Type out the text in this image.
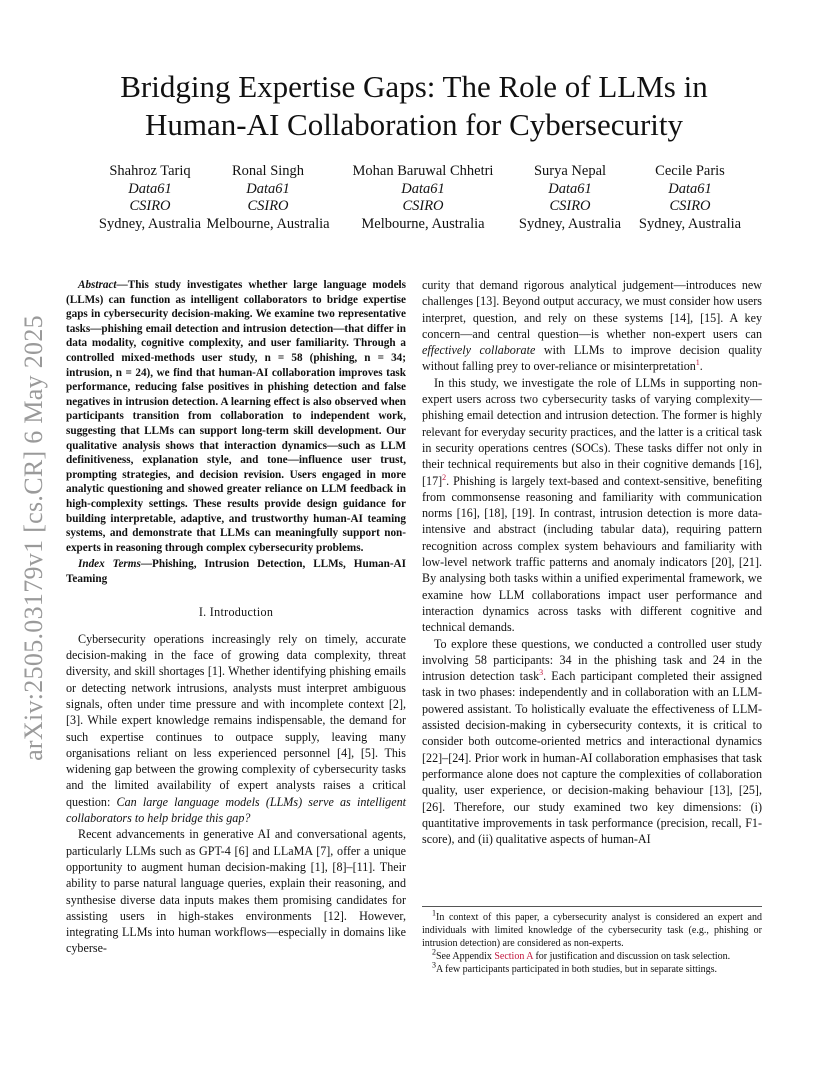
arXiv:2505.03179v1 [cs.CR] 6 May 2025
Bridging Expertise Gaps: The Role of LLMs in
Human-AI Collaboration for Cybersecurity
Shahroz Tariq
Data61
CSIRO
Sydney, Australia
Ronal Singh
Data61
CSIRO
Melbourne, Australia
Mohan Baruwal Chhetri
Data61
CSIRO
Melbourne, Australia
Surya Nepal
Data61
CSIRO
Sydney, Australia
Cecile Paris
Data61
CSIRO
Sydney, Australia

Abstract—This study investigates whether large language models (LLMs) can function as intelligent collaborators to bridge expertise gaps in cybersecurity decision-making. We examine two representative tasks—phishing email detection and intrusion detection—that differ in data modality, cognitive complexity, and user familiarity. Through a controlled mixed-methods user study, n = 58 (phishing, n = 34; intrusion, n = 24), we find that human-AI collaboration improves task performance, reducing false positives in phishing detection and false negatives in intrusion detection. A learning effect is also observed when participants transition from collaboration to independent work, suggesting that LLMs can support long-term skill development. Our qualitative analysis shows that interaction dynamics—such as LLM definitiveness, explanation style, and tone—influence user trust, prompting strategies, and decision revision. Users engaged in more analytic questioning and showed greater reliance on LLM feedback in high-complexity settings. These results provide design guidance for building interpretable, adaptive, and trustworthy human-AI teaming systems, and demonstrate that LLMs can meaningfully support non-experts in reasoning through complex cybersecurity problems.

Index Terms—Phishing, Intrusion Detection, LLMs, Human-AI Teaming

I. Introduction

Cybersecurity operations increasingly rely on timely, accurate decision-making in the face of growing data complexity, threat diversity, and skill shortages [1]. Whether identifying phishing emails or detecting network intrusions, analysts must interpret ambiguous signals, often under time pressure and with incomplete context [2], [3]. While expert knowledge remains indispensable, the demand for such expertise continues to outpace supply, leaving many organisations reliant on less experienced personnel [4], [5]. This widening gap between the growing complexity of cybersecurity tasks and the limited availability of expert analysts raises a critical question: Can large language models (LLMs) serve as intelligent collaborators to help bridge this gap?

Recent advancements in generative AI and conversational agents, particularly LLMs such as GPT-4 [6] and LLaMA [7], offer a unique opportunity to augment human decision-making [1], [8]–[11]. Their ability to parse natural language queries, explain their reasoning, and synthesise diverse data inputs makes them promising candidates for assisting users in high-stakes environments [12]. However, integrating LLMs into human workflows—especially in domains like cyberse-

curity that demand rigorous analytical judgement—introduces new challenges [13]. Beyond output accuracy, we must consider how users interpret, question, and rely on these systems [14], [15]. A key concern—and central question—is whether non-expert users can effectively collaborate with LLMs to improve decision quality without falling prey to over-reliance or misinterpretation$^1$.

In this study, we investigate the role of LLMs in supporting non-expert users across two cybersecurity tasks of varying complexity—phishing email detection and intrusion detection. The former is highly relevant for everyday security practices, and the latter is a critical task in security operations centres (SOCs). These tasks differ not only in their technical requirements but also in their cognitive demands [16], $[17]^2$. Phishing is largely text-based and context-sensitive, benefiting from commonsense reasoning and familiarity with communication norms [16], [18], [19]. In contrast, intrusion detection is more data-intensive and abstract (including tabular data), requiring pattern recognition across complex system behaviours and familiarity with low-level network traffic patterns and anomaly indicators [20], [21]. By analysing both tasks within a unified experimental framework, we examine how LLM collaborations impact user performance and interaction dynamics across tasks with different cognitive and technical demands.

To explore these questions, we conducted a controlled user study involving 58 participants: 34 in the phishing task and 24 in the intrusion detection task$^3$. Each participant completed their assigned task in two phases: independently and in collaboration with an LLM-powered assistant. To holistically evaluate the effectiveness of LLM-assisted decision-making in cybersecurity contexts, it is critical to consider both outcome-oriented metrics and interactional dynamics [22]–[24]. Prior work in human-AI collaboration emphasises that task performance alone does not capture the complexities of collaboration quality, user experience, or decision-making behaviour [13], [25], [26]. Therefore, our study examined two key dimensions: (i) quantitative improvements in task performance (precision, recall, F1-score), and (ii) qualitative aspects of human-AI

$^1$In context of this paper, a cybersecurity analyst is considered an expert and individuals with limited knowledge of the cybersecurity task (e.g., phishing or intrusion detection) are considered as non-experts.

$^2$See Appendix Section A for justification and discussion on task selection.

$^3$A few participants participated in both studies, but in separate sittings.
